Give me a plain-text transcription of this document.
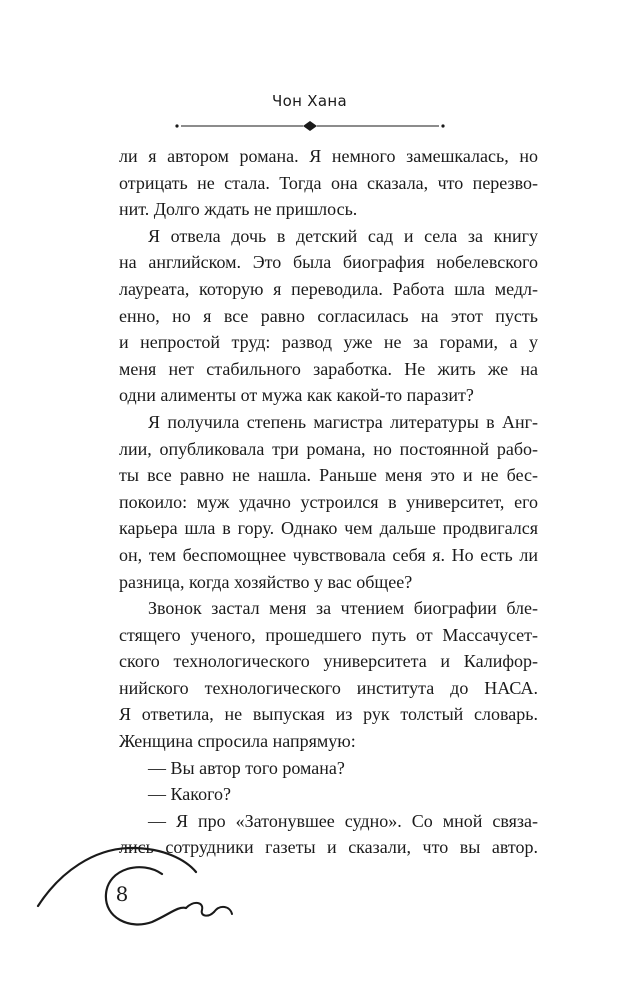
Чон Хана
ли я автором романа. Я немного замешкалась, но
отрицать не стала. Тогда она сказала, что перезво-
нит. Долго ждать не пришлось.
Я отвела дочь в детский сад и села за книгу
на английском. Это была биография нобелевского
лауреата, которую я переводила. Работа шла медл-
енно, но я все равно согласилась на этот пусть
и непростой труд: развод уже не за горами, а у
меня нет стабильного заработка. Не жить же на
одни алименты от мужа как какой-то паразит?
Я получила степень магистра литературы в Анг-
лии, опубликовала три романа, но постоянной рабо-
ты все равно не нашла. Раньше меня это и не бес-
покоило: муж удачно устроился в университет, его
карьера шла в гору. Однако чем дальше продвигался
он, тем беспомощнее чувствовала себя я. Но есть ли
разница, когда хозяйство у вас общее?
Звонок застал меня за чтением биографии бле-
стящего ученого, прошедшего путь от Массачусет-
ского технологического университета и Калифор-
нийского технологического института до НАСА.
Я ответила, не выпуская из рук толстый словарь.
Женщина спросила напрямую:
— Вы автор того романа?
— Какого?
— Я про «Затонувшее судно». Со мной связа-
лись сотрудники газеты и сказали, что вы автор.
8
